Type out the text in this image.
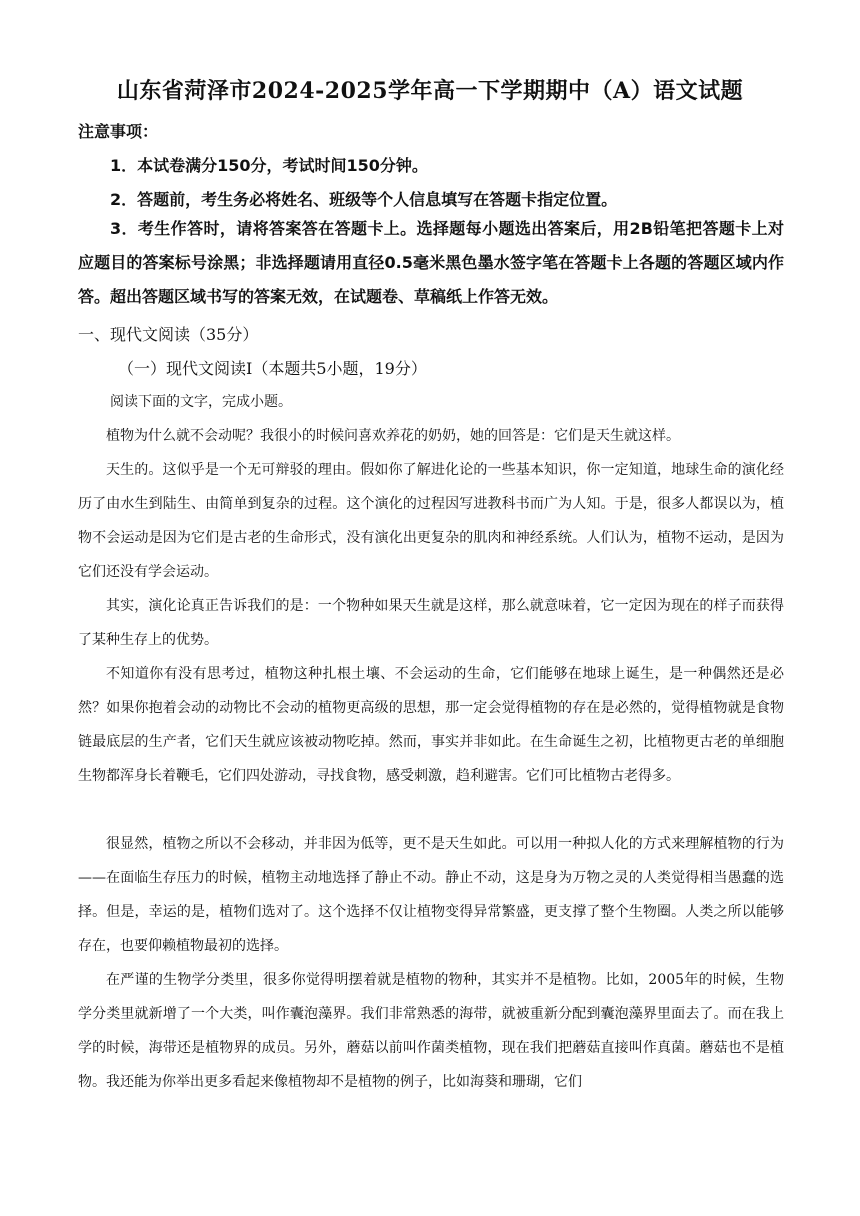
山东省菏泽市2024-2025学年高一下学期期中（A）语文试题
注意事项：
1．本试卷满分150分，考试时间150分钟。
2．答题前，考生务必将姓名、班级等个人信息填写在答题卡指定位置。

3．考生作答时，请将答案答在答题卡上。选择题每小题选出答案后，用2B铅笔把答题卡上对应题目的答案标号涂黑；非选择题请用直径0.5毫米黑色墨水签字笔在答题卡上各题的答题区域内作答。超出答题区域书写的答案无效，在试题卷、草稿纸上作答无效。

一、现代文阅读（35分）
（一）现代文阅读Ⅰ（本题共5小题，19分）
阅读下面的文字，完成小题。

植物为什么就不会动呢？我很小的时候问喜欢养花的奶奶，她的回答是：它们是天生就这样。

天生的。这似乎是一个无可辩驳的理由。假如你了解进化论的一些基本知识，你一定知道，地球生命的演化经历了由水生到陆生、由简单到复杂的过程。这个演化的过程因写进教科书而广为人知。于是，很多人都误以为，植物不会运动是因为它们是古老的生命形式，没有演化出更复杂的肌肉和神经系统。人们认为，植物不运动，是因为它们还没有学会运动。

其实，演化论真正告诉我们的是：一个物种如果天生就是这样，那么就意味着，它一定因为现在的样子而获得了某种生存上的优势。

不知道你有没有思考过，植物这种扎根土壤、不会运动的生命，它们能够在地球上诞生，是一种偶然还是必然？如果你抱着会动的动物比不会动的植物更高级的思想，那一定会觉得植物的存在是必然的，觉得植物就是食物链最底层的生产者，它们天生就应该被动物吃掉。然而，事实并非如此。在生命诞生之初，比植物更古老的单细胞生物都浑身长着鞭毛，它们四处游动，寻找食物，感受刺激，趋利避害。它们可比植物古老得多。

很显然，植物之所以不会移动，并非因为低等，更不是天生如此。可以用一种拟人化的方式来理解植物的行为——在面临生存压力的时候，植物主动地选择了静止不动。静止不动，这是身为万物之灵的人类觉得相当愚蠢的选择。但是，幸运的是，植物们选对了。这个选择不仅让植物变得异常繁盛，更支撑了整个生物圈。人类之所以能够存在，也要仰赖植物最初的选择。

在严谨的生物学分类里，很多你觉得明摆着就是植物的物种，其实并不是植物。比如，2005年的时候，生物学分类里就新增了一个大类，叫作囊泡藻界。我们非常熟悉的海带，就被重新分配到囊泡藻界里面去了。而在我上学的时候，海带还是植物界的成员。另外，蘑菇以前叫作菌类植物，现在我们把蘑菇直接叫作真菌。蘑菇也不是植物。我还能为你举出更多看起来像植物却不是植物的例子，比如海葵和珊瑚，它们
